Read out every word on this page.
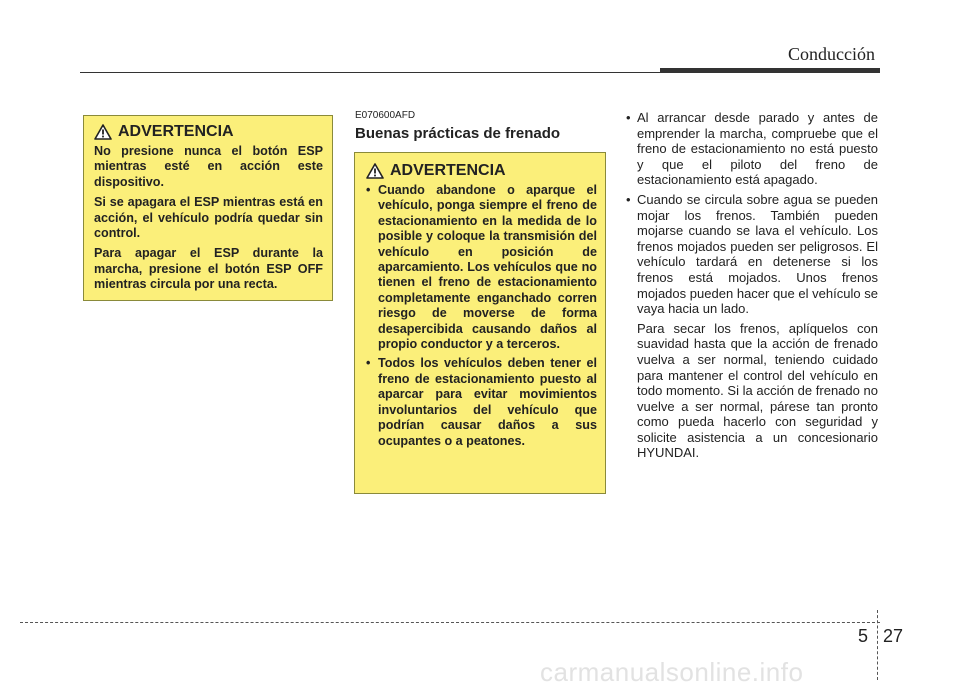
Conducción
ADVERTENCIA

No presione nunca el botón ESP mientras esté en acción este dispositivo.

Si se apagara el ESP mientras está en acción, el vehículo podría quedar sin control.

Para apagar el ESP durante la marcha, presione el botón ESP OFF mientras circula por una recta.

E070600AFD
Buenas prácticas de frenado
ADVERTENCIA
• Cuando abandone o aparque el vehículo, ponga siempre el freno de estacionamiento en la medida de lo posible y coloque la transmisión del vehículo en posición de aparcamiento. Los vehículos que no tienen el freno de estacionamiento completamente enganchado corren riesgo de moverse de forma desapercibida causando daños al propio conductor y a terceros.
• Todos los vehículos deben tener el freno de estacionamiento puesto al aparcar para evitar movimientos involuntarios del vehículo que podrían causar daños a sus ocupantes o a peatones.
• Al arrancar desde parado y antes de emprender la marcha, compruebe que el freno de estacionamiento no está puesto y que el piloto del freno de estacionamiento está apagado.
• Cuando se circula sobre agua se pueden mojar los frenos. También pueden mojarse cuando se lava el vehículo. Los frenos mojados pueden ser peligrosos. El vehículo tardará en detenerse si los frenos está mojados. Unos frenos mojados pueden hacer que el vehículo se vaya hacia un lado.

Para secar los frenos, aplíquelos con suavidad hasta que la acción de frenado vuelva a ser normal, teniendo cuidado para mantener el control del vehículo en todo momento. Si la acción de frenado no vuelve a ser normal, párese tan pronto como pueda hacerlo con seguridad y solicite asistencia a un concesionario HYUNDAI.

5 27
carmanualsonline.info
